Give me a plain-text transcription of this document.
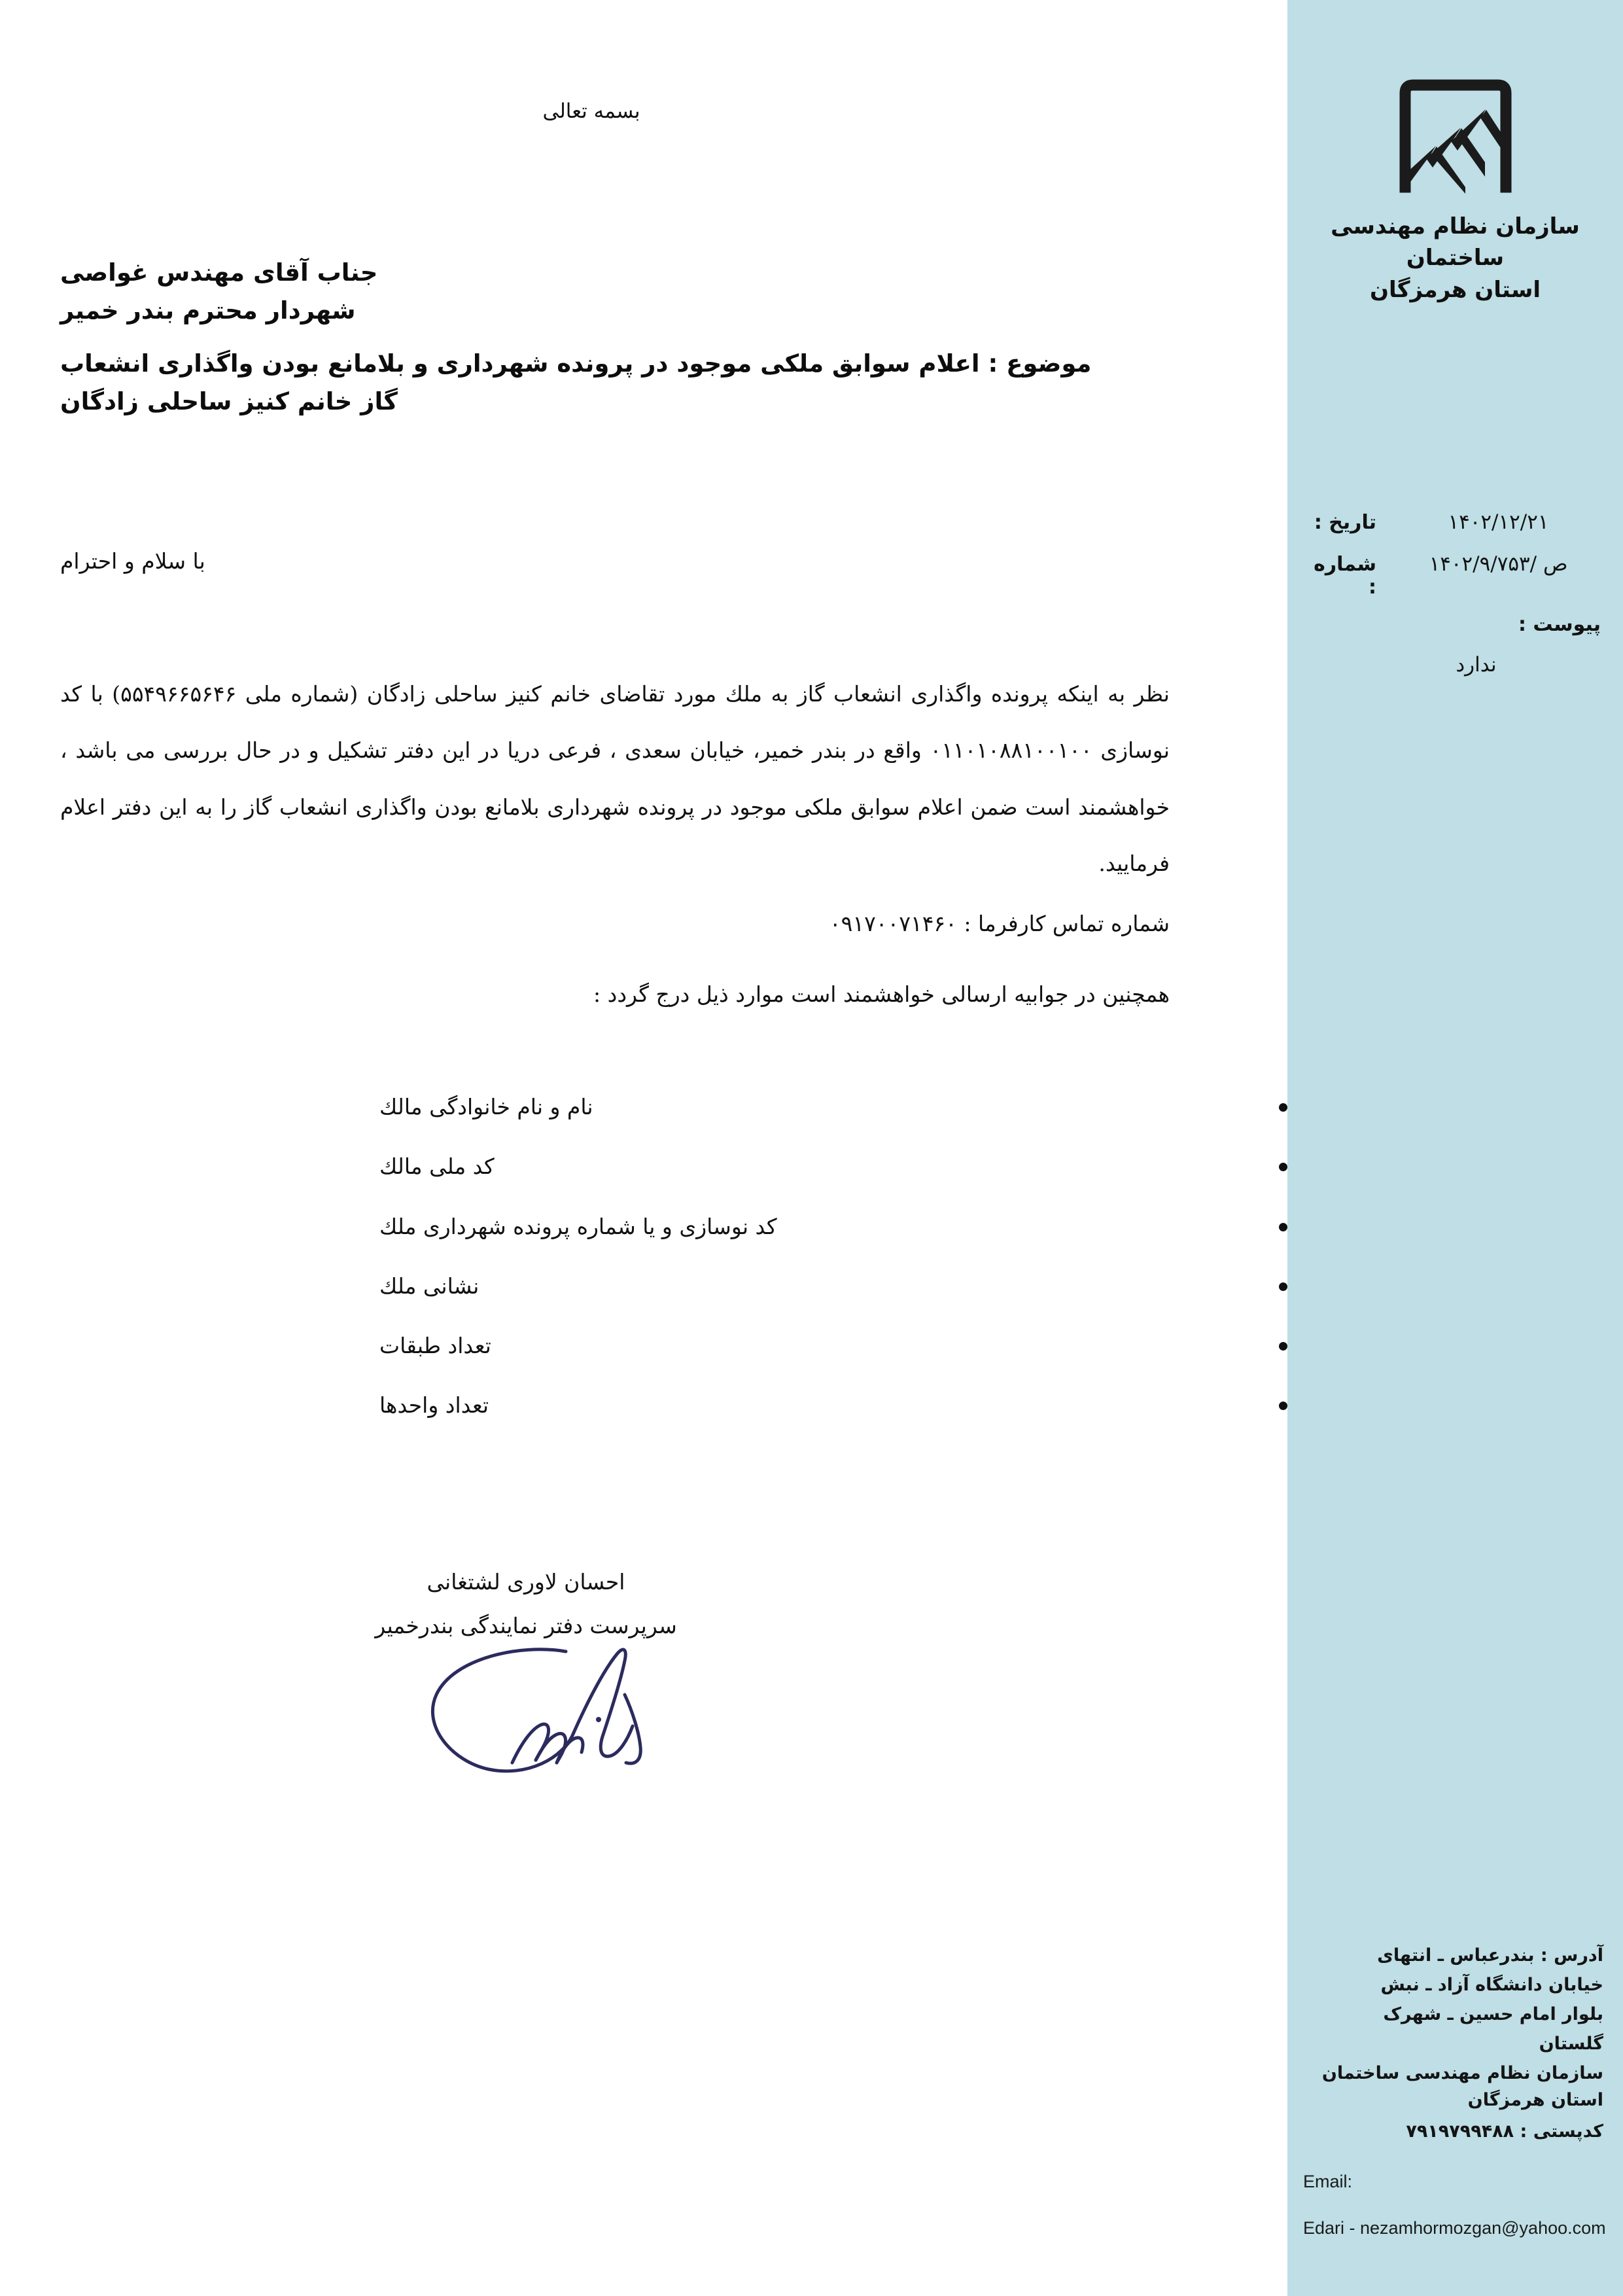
بسمه تعالی

جناب آقای مهندس غواصی

شهردار محترم بندر خمیر

موضوع : اعلام سوابق ملکی موجود در پرونده شهرداری و بلامانع بودن واگذاری انشعاب

گاز خانم کنیز ساحلی زادگان

با سلام و احترام
نظر به اینکه پرونده واگذاری انشعاب گاز به ملك مورد تقاضای خانم کنیز ساحلی زادگان (شماره ملی ۵۵۴۹۶۶۵۶۴۶) با کد نوسازی ۰۱۱۰۱۰۸۸۱۰۰۱۰۰ واقع در بندر خمیر، خیابان سعدی ، فرعی دریا در این دفتر تشکیل و در حال بررسی می باشد ، خواهشمند است ضمن اعلام سوابق ملکی موجود در پرونده شهرداری بلامانع بودن واگذاری انشعاب گاز را به این دفتر اعلام فرمایید.
شماره تماس کارفرما : ۰۹۱۷۰۰۷۱۴۶۰
همچنین در جوابیه ارسالی خواهشمند است موارد ذیل درج گردد :
نام و نام خانوادگی مالك
کد ملی مالك
کد نوسازی و یا شماره پرونده شهرداری ملك
نشانی ملك
تعداد طبقات
تعداد واحدها

احسان لاوری لشتغانی

سرپرست دفتر نمایندگی بندرخمیر

سازمان نظام مهندسی ساختمان
استان هرمزگان
۱۴۰۲/۱۲/۲۱
تاریخ :
ص /۱۴۰۲/۹/۷۵۳
شماره :
پیوست :
ندارد

آدرس : بندرعباس ـ انتهای

خیابان دانشگاه آزاد ـ نبش

بلوار امام حسین ـ شهرک

گلستان

سازمان نظام مهندسی ساختمان

استان هرمزگان

کدپستی : ۷۹۱۹۷۹۹۴۸۸

Email:

Edari - nezamhormozgan@yahoo.com
